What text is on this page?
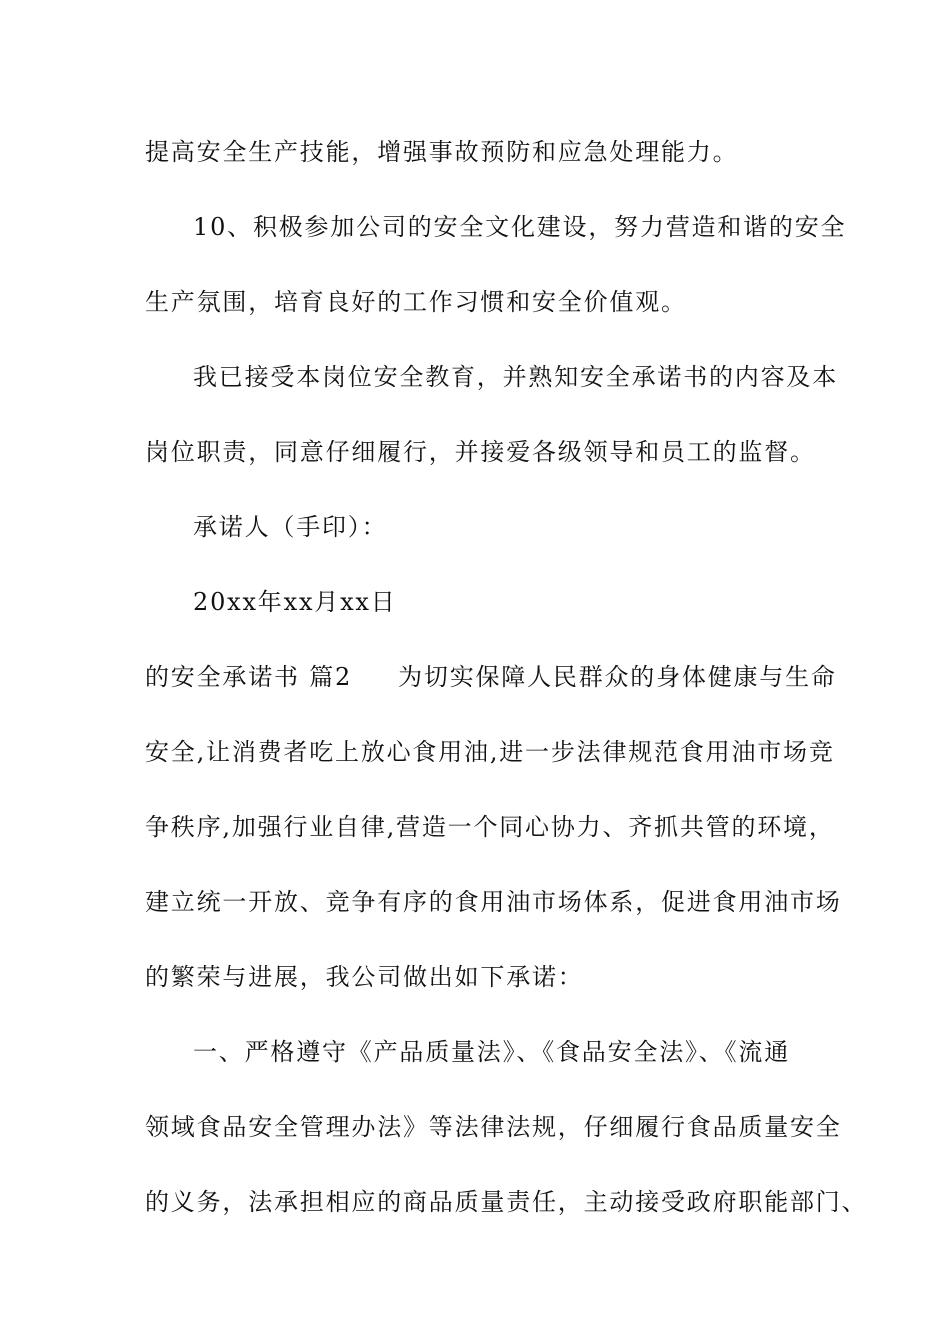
提高安全生产技能，增强事故预防和应急处理能力。
10、积极参加公司的安全文化建设，努力营造和谐的安全
生产氛围，培育良好的工作习惯和安全价值观。
我已接受本岗位安全教育，并熟知安全承诺书的内容及本
岗位职责，同意仔细履行，并接爱各级领导和员工的监督。
承诺人（手印）：
20xx年xx月xx日
的安全承诺书 篇2 为切实保障人民群众的身体健康与生命
安全,让消费者吃上放心食用油,进一步法律规范食用油市场竞
争秩序,加强行业自律,营造一个同心协力、齐抓共管的环境，
建立统一开放、竞争有序的食用油市场体系，促进食用油市场
的繁荣与进展，我公司做出如下承诺：
一、严格遵守《产品质量法》、《食品安全法》、《流通
领域食品安全管理办法》等法律法规，仔细履行食品质量安全
的义务，法承担相应的商品质量责任，主动接受政府职能部门、
